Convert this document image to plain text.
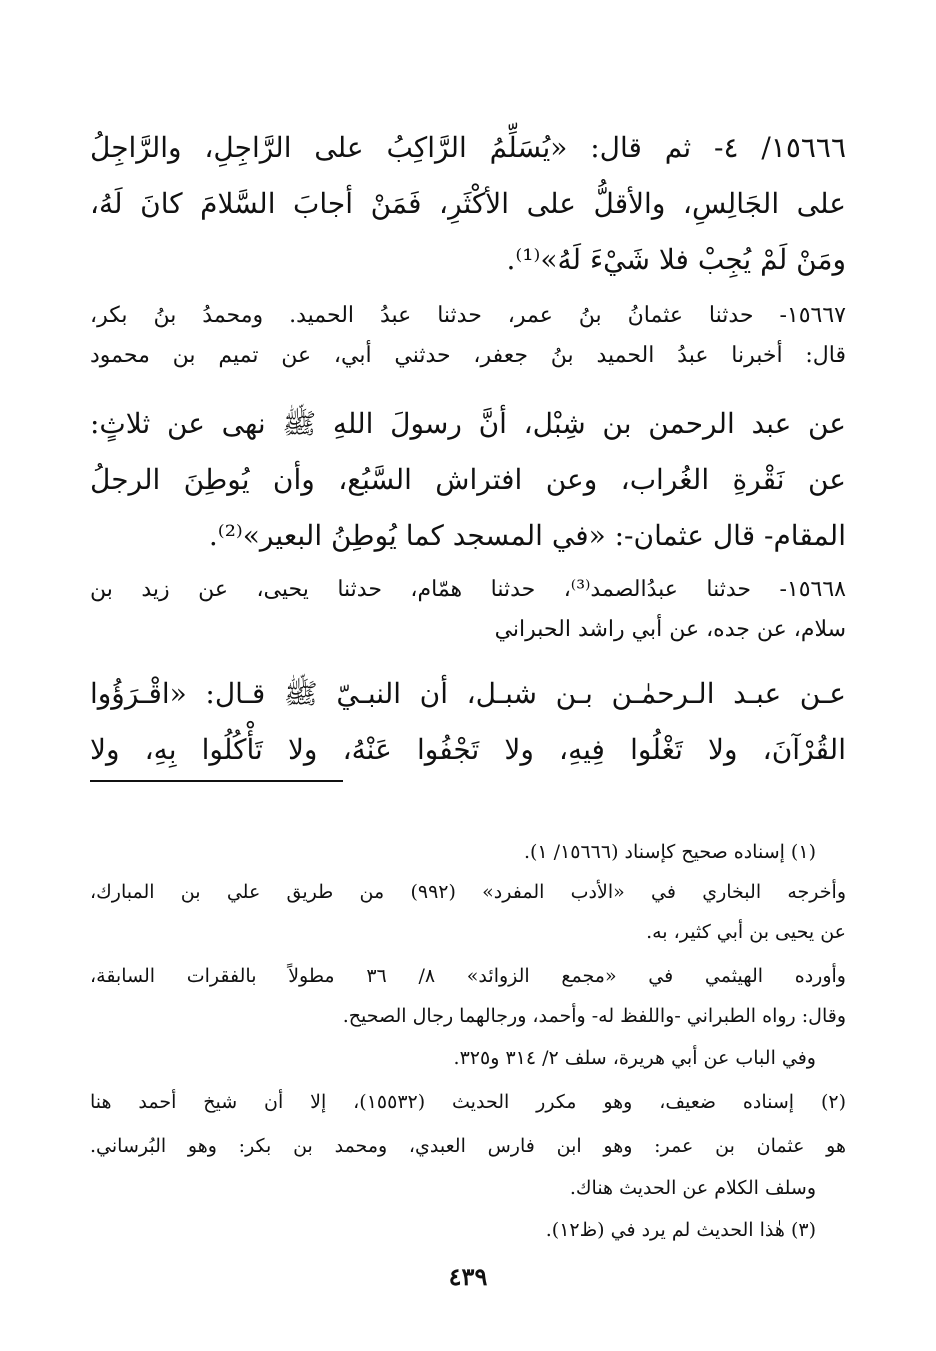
١٥٦٦٦/ ٤- ثم قال: «يُسَلِّمُ الرَّاكِبُ على الرَّاجِلِ، والرَّاجِلُ
على الجَالِسِ، والأقلُّ على الأكْثَرِ، فَمَنْ أجابَ السَّلامَ كانَ لَهُ،
ومَنْ لَمْ يُجِبْ فلا شَيْءَ لَهُ»⁽¹⁾.
١٥٦٦٧- حدثنا عثمانُ بنُ عمر، حدثنا عبدُ الحميد. ومحمدُ بنُ بكر،
قال: أخبرنا عبدُ الحميد بنُ جعفر، حدثني أبي، عن تميم بن محمود
عن عبد الرحمن بن شِبْل، أنَّ رسولَ اللهِ ﷺ نهى عن ثلاثٍ:
عن نَقْرةِ الغُراب، وعن افتراش السَّبُع، وأن يُوطِنَ الرجلُ
المقام- قال عثمان-: «في المسجد كما يُوطِنُ البعير»⁽²⁾.
١٥٦٦٨- حدثنا عبدُالصمد⁽³⁾، حدثنا همّام، حدثنا يحيى، عن زيد بن
سلام، عن جده، عن أبي راشد الحبراني
عـن عبـد الـرحمٰـن بـن شبـل، أن النبـيّ ﷺ قـال: «اقْـرَؤُوا
القُرْآنَ، ولا تَغْلُوا فِيهِ، ولا تَجْفُوا عَنْهُ، ولا تَأْكُلُوا بِهِ، ولا
(١) إسناده صحيح كإسناد (١٥٦٦٦/ ١).
وأخرجه البخاري في «الأدب المفرد» (٩٩٢) من طريق علي بن المبارك،
عن يحيى بن أبي كثير، به.
وأورده الهيثمي في «مجمع الزوائد» ٨/ ٣٦ مطولاً بالفقرات السابقة،
وقال: رواه الطبراني -واللفظ له- وأحمد، ورجالهما رجال الصحيح.
وفي الباب عن أبي هريرة، سلف ٢/ ٣١٤ و٣٢٥.
(٢) إسناده ضعيف، وهو مكرر الحديث (١٥٥٣٢)، إلا أن شيخ أحمد هنا
هو عثمان بن عمر: وهو ابن فارس العبدي، ومحمد بن بكر: وهو البُرساني.
وسلف الكلام عن الحديث هناك.
(٣) هٰذا الحديث لم يرد في (ظ١٢).
٤٣٩
